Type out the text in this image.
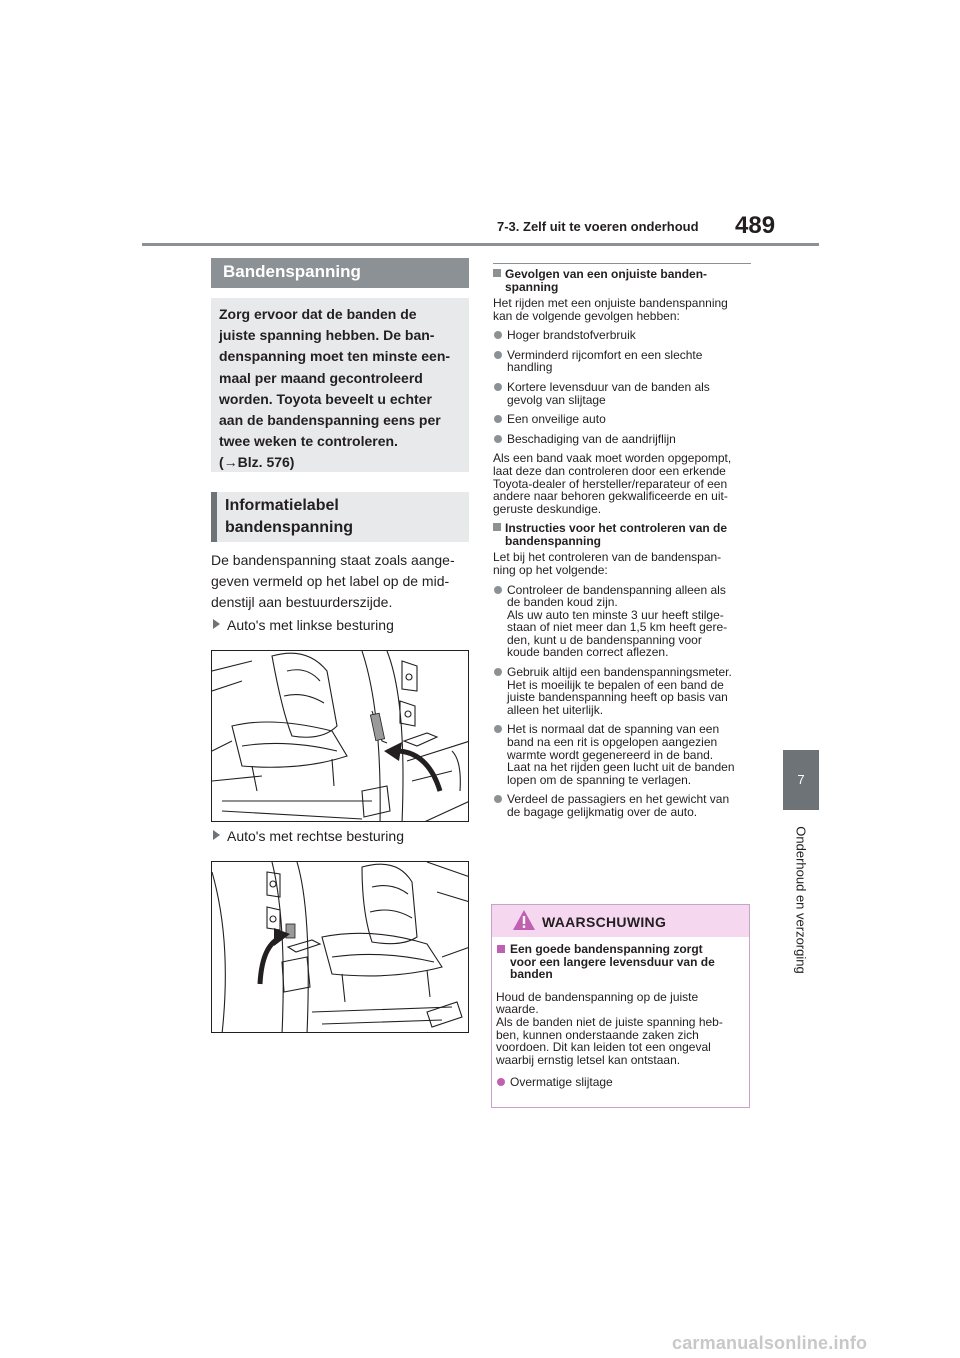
7-3. Zelf uit te voeren onderhoud 489
7
Onderhoud en verzorging
Bandenspanning

Zorg ervoor dat de banden de

juiste spanning hebben. De ban-

denspanning moet ten minste een-

maal per maand gecontroleerd

worden. Toyota beveelt u echter

aan de bandenspanning eens per

twee weken te controleren.

(→Blz. 576)

Informatielabel

bandenspanning

De bandenspanning staat zoals aange-

geven vermeld op het label op de mid-

denstijl aan bestuurderszijde.

Auto's met linkse besturing
Auto's met rechtse besturing
Gevolgen van een onjuiste banden-
spanning
Het rijden met een onjuiste bandenspanning
kan de volgende gevolgen hebben:
Hoger brandstofverbruik
Verminderd rijcomfort en een slechte
handling
Kortere levensduur van de banden als
gevolg van slijtage
Een onveilige auto
Beschadiging van de aandrijflijn
Als een band vaak moet worden opgepompt,
laat deze dan controleren door een erkende
Toyota-dealer of hersteller/reparateur of een
andere naar behoren gekwalificeerde en uit-
geruste deskundige.
Instructies voor het controleren van de
bandenspanning
Let bij het controleren van de bandenspan-
ning op het volgende:
Controleer de bandenspanning alleen als
de banden koud zijn.
Als uw auto ten minste 3 uur heeft stilge-
staan of niet meer dan 1,5 km heeft gere-
den, kunt u de bandenspanning voor
koude banden correct aflezen.
Gebruik altijd een bandenspanningsmeter.
Het is moeilijk te bepalen of een band de
juiste bandenspanning heeft op basis van
alleen het uiterlijk.
Het is normaal dat de spanning van een
band na een rit is opgelopen aangezien
warmte wordt gegenereerd in de band.
Laat na het rijden geen lucht uit de banden
lopen om de spanning te verlagen.
Verdeel de passagiers en het gewicht van
de bagage gelijkmatig over de auto.
WAARSCHUWING
Een goede bandenspanning zorgt
voor een langere levensduur van de
banden
Houd de bandenspanning op de juiste
waarde.
Als de banden niet de juiste spanning heb-
ben, kunnen onderstaande zaken zich
voordoen. Dit kan leiden tot een ongeval
waarbij ernstig letsel kan ontstaan.
Overmatige slijtage
carmanualsonline.info
